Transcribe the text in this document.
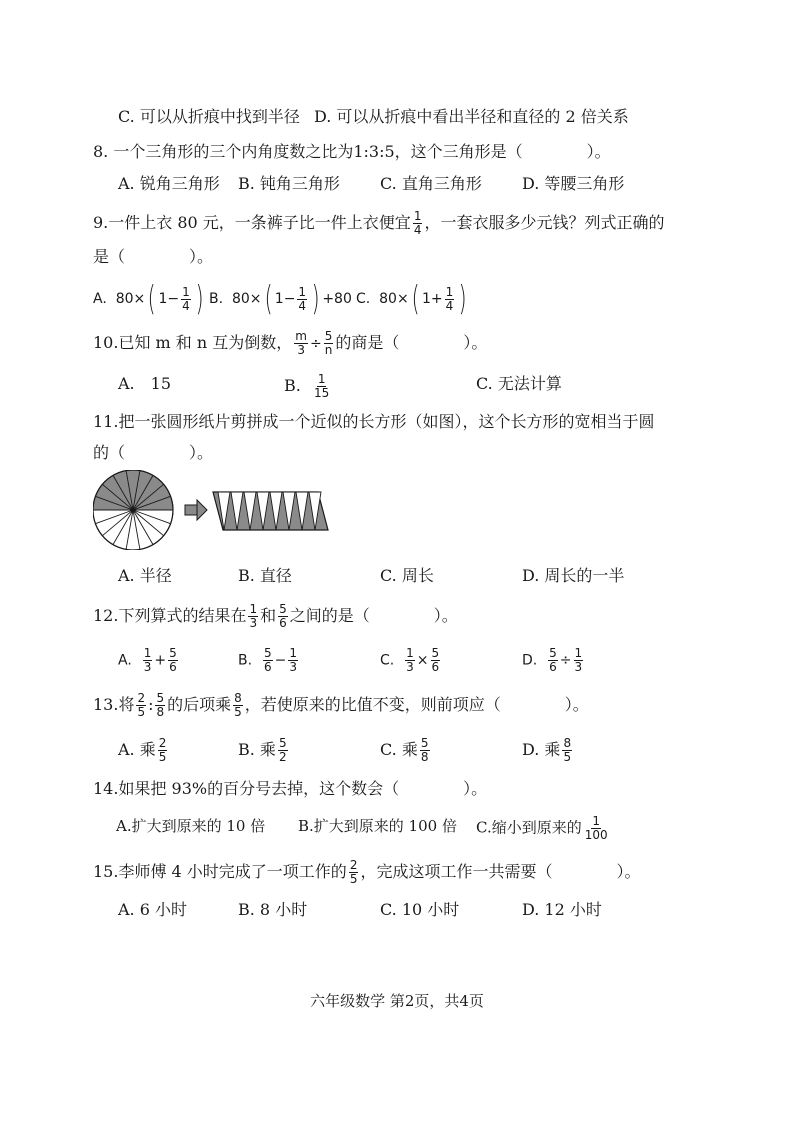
C. 可以从折痕中找到半径 D. 可以从折痕中看出半径和直径的 2 倍关系
8. 一个三角形的三个内角度数之比为1:3:5，这个三角形是（　　　　）。
A. 锐角三角形 B. 钝角三角形	C. 直角三角形	D. 等腰三角形
9.一件上衣 80 元，一条裤子比一件上衣便宜 $\frac{1}{4}$ ，一套衣服多少元钱？列式正确的
是（　　　　）。
A. 80×( $1- \frac{1}{4}$ ) B. 80×( $1- \frac{1}{4}$ ) +80 C. 80×( $1+ \frac{1}{4}$ )
10.已知 m 和 n 互为倒数， $\frac{m}{3} \div \frac{5}{n}$ 的商是（　　　　）。
A.　15	B. $\frac{1}{15}$	C. 无法计算
11.把一张圆形纸片剪拼成一个近似的长方形（如图），这个长方形的宽相当于圆
的（　　　　）。
A. 半径	B. 直径	C. 周长	D. 周长的一半
12.下列算式的结果在 $\frac{1}{3}$ 和 $\frac{5}{6}$ 之间的是（　　　　）。
A. $\frac{1}{3} + \frac{5}{6}$	B. $\frac{5}{6} - \frac{1}{3}$	C. $\frac{1}{3} \times \frac{5}{6}$	D. $\frac{5}{6} \div \frac{1}{3}$
13.将 $\frac{2}{5}$ : $\frac{5}{8}$ 的后项乘 $\frac{8}{5}$ ，若使原来的比值不变，则前项应（　　　　）。
A. 乘 $\frac{2}{5}$	B. 乘 $\frac{5}{2}$	C. 乘 $\frac{5}{8}$	D. 乘 $\frac{8}{5}$
14.如果把 93%的百分号去掉，这个数会（　　　　）。
A.扩大到原来的 10 倍 B.扩大到原来的 100 倍 C.缩小到原来的 $\frac{1}{100}$
15.李师傅 4 小时完成了一项工作的 $\frac{2}{5}$ ，完成这项工作一共需要（　　　　）。
A. 6 小时	B. 8 小时	C. 10 小时	D. 12 小时
六年级数学 第2页，共4页
